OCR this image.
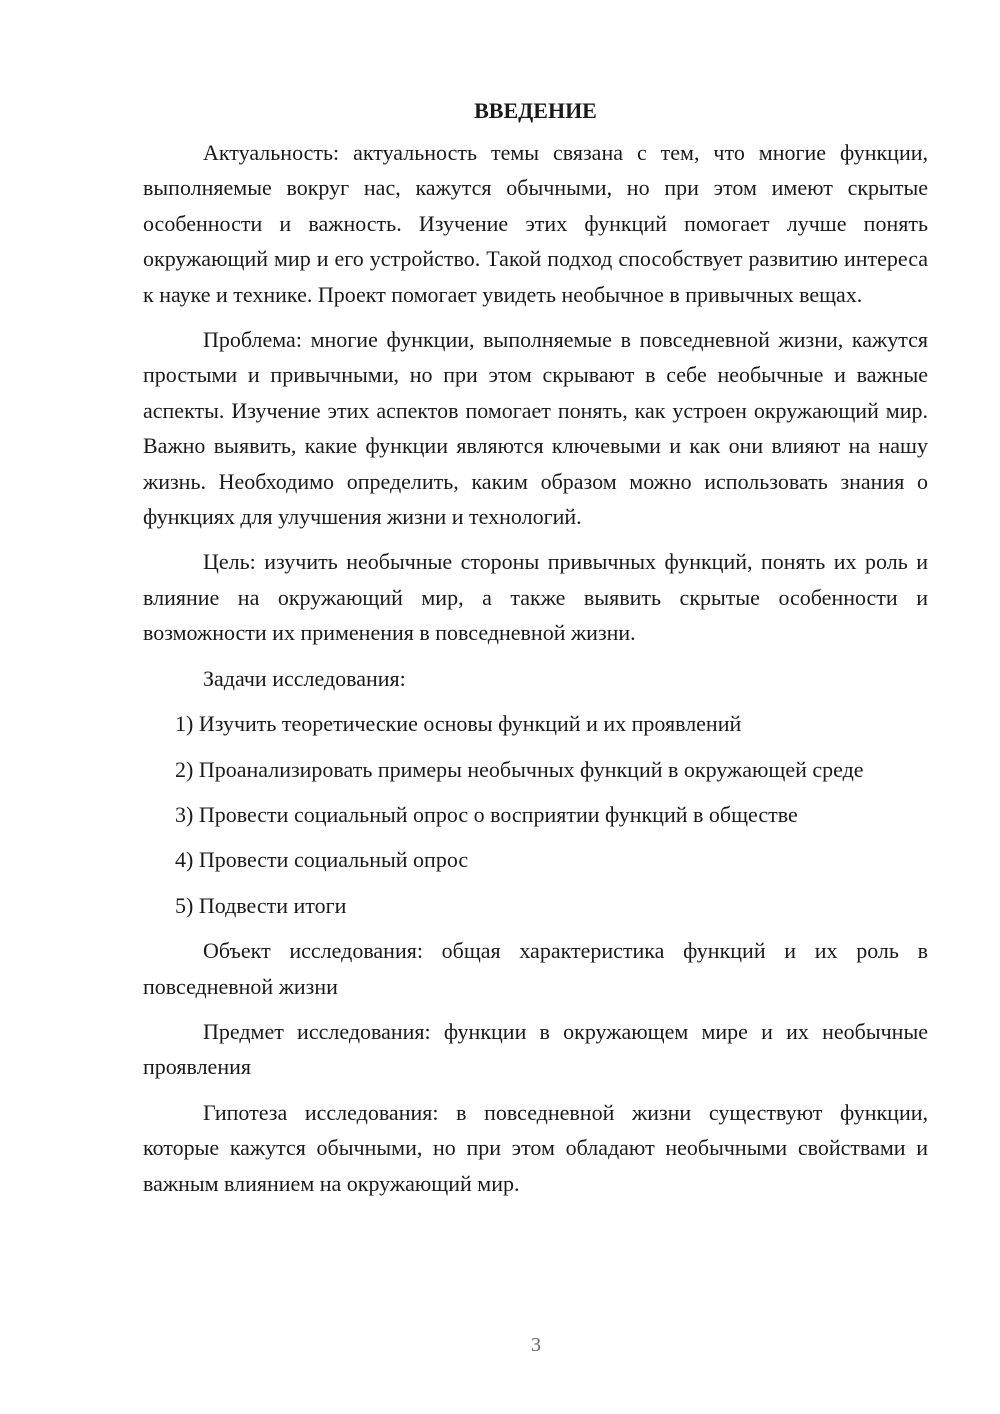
ВВЕДЕНИЕ

Актуальность: актуальность темы связана с тем, что многие функции, выполняемые вокруг нас, кажутся обычными, но при этом имеют скрытые особенности и важность. Изучение этих функций помогает лучше понять окружающий мир и его устройство. Такой подход способствует развитию интереса к науке и технике. Проект помогает увидеть необычное в привычных вещах.

Проблема: многие функции, выполняемые в повседневной жизни, кажутся простыми и привычными, но при этом скрывают в себе необычные и важные аспекты. Изучение этих аспектов помогает понять, как устроен окружающий мир. Важно выявить, какие функции являются ключевыми и как они влияют на нашу жизнь. Необходимо определить, каким образом можно использовать знания о функциях для улучшения жизни и технологий.

Цель: изучить необычные стороны привычных функций, понять их роль и влияние на окружающий мир, а также выявить скрытые особенности и возможности их применения в повседневной жизни.

Задачи исследования:

1) Изучить теоретические основы функций и их проявлений

2) Проанализировать примеры необычных функций в окружающей среде

3) Провести социальный опрос о восприятии функций в обществе

4) Провести социальный опрос

5) Подвести итоги

Объект исследования: общая характеристика функций и их роль в повседневной жизни

Предмет исследования: функции в окружающем мире и их необычные проявления

Гипотеза исследования: в повседневной жизни существуют функции, которые кажутся обычными, но при этом обладают необычными свойствами и важным влиянием на окружающий мир.

3
